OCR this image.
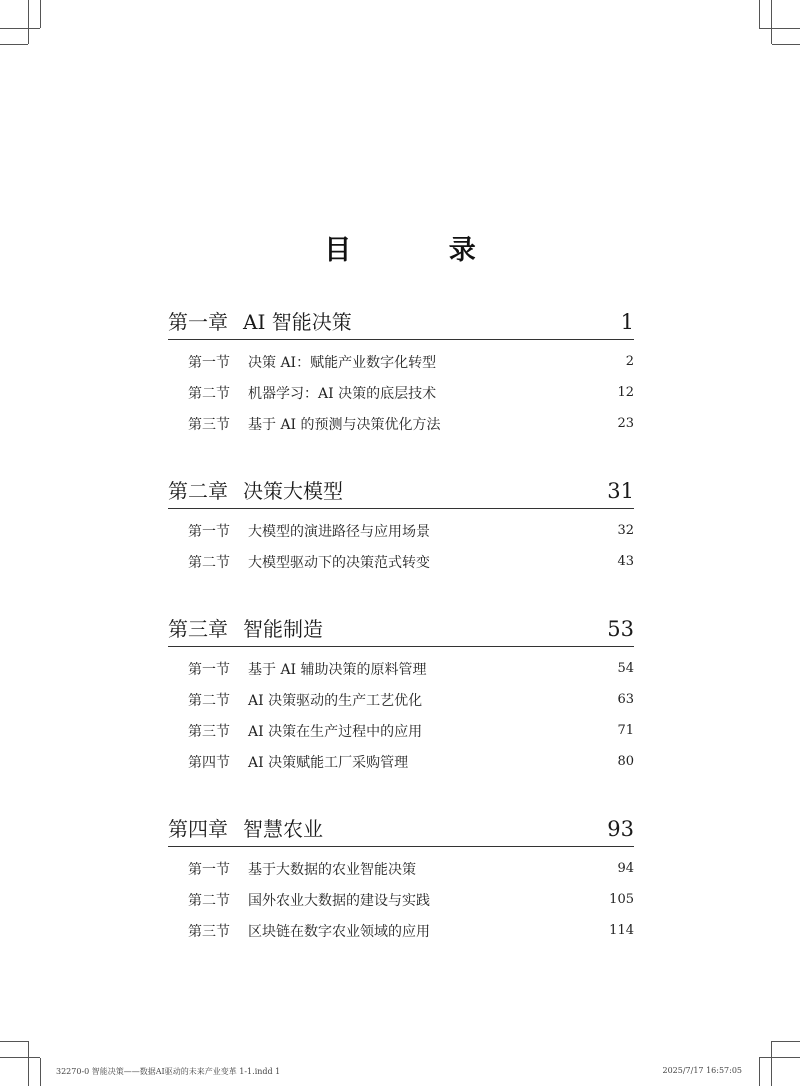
目 录
第一章 AI 智能决策	1
第一节	决策 AI：赋能产业数字化转型	2
第二节	机器学习：AI 决策的底层技术	12
第三节	基于 AI 的预测与决策优化方法	23
第二章 决策大模型	31
第一节	大模型的演进路径与应用场景	32
第二节	大模型驱动下的决策范式转变	43
第三章 智能制造	53
第一节	基于 AI 辅助决策的原料管理	54
第二节	AI 决策驱动的生产工艺优化	63
第三节	AI 决策在生产过程中的应用	71
第四节	AI 决策赋能工厂采购管理	80
第四章 智慧农业	93
第一节	基于大数据的农业智能决策	94
第二节	国外农业大数据的建设与实践	105
第三节	区块链在数字农业领域的应用	114
32270-0 智能决策——数据AI驱动的未来产业变革 1-1.indd 1	2025/7/17 16:57:05
